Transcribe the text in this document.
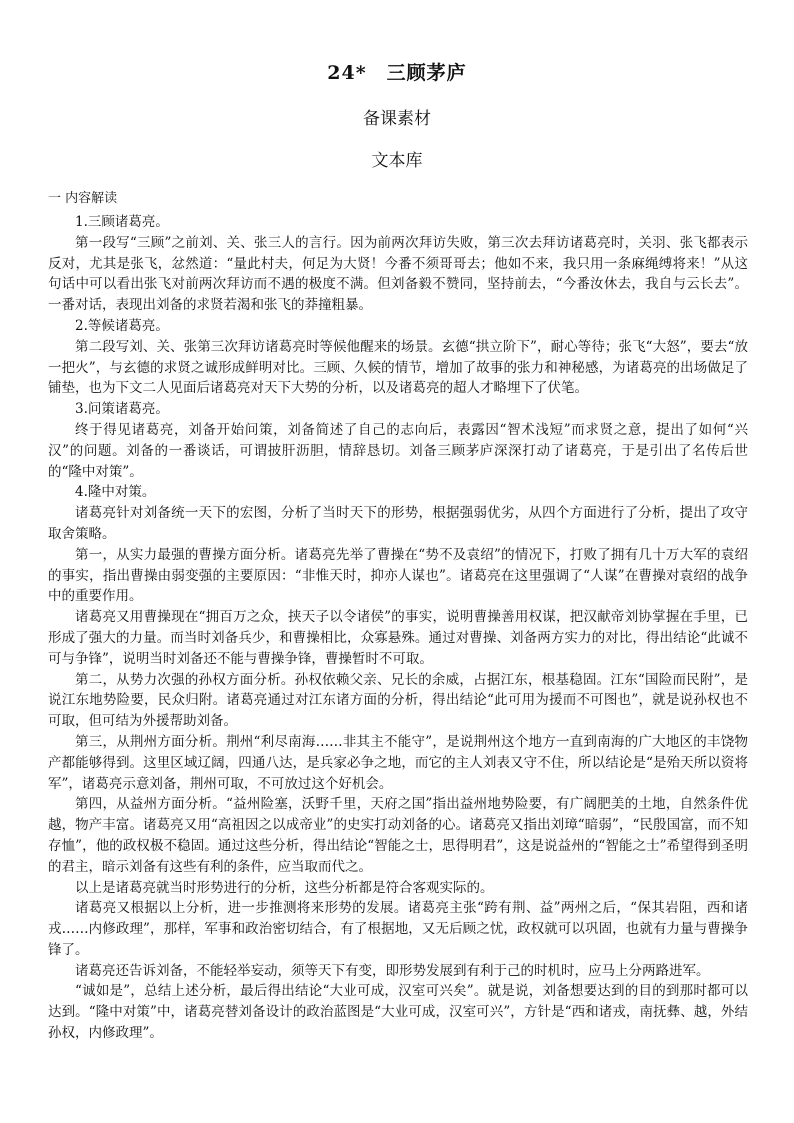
24*　三顾茅庐
备课素材
文本库
一 内容解读

1.三顾诸葛亮。

第一段写“三顾”之前刘、关、张三人的言行。因为前两次拜访失败，第三次去拜访诸葛亮时，关羽、张飞都表示反对，尤其是张飞，忿然道：“量此村夫，何足为大贤！今番不须哥哥去；他如不来，我只用一条麻绳缚将来！”从这句话中可以看出张飞对前两次拜访而不遇的极度不满。但刘备毅不赞同，坚持前去，“今番汝休去，我自与云长去”。一番对话，表现出刘备的求贤若渴和张飞的莽撞粗暴。

2.等候诸葛亮。

第二段写刘、关、张第三次拜访诸葛亮时等候他醒来的场景。玄德“拱立阶下”，耐心等待；张飞“大怒”，要去“放一把火”，与玄德的求贤之诚形成鲜明对比。三顾、久候的情节，增加了故事的张力和神秘感，为诸葛亮的出场做足了铺垫，也为下文二人见面后诸葛亮对天下大势的分析，以及诸葛亮的超人才略埋下了伏笔。

3.问策诸葛亮。

终于得见诸葛亮，刘备开始问策，刘备简述了自己的志向后，表露因“智术浅短”而求贤之意，提出了如何“兴汉”的问题。刘备的一番谈话，可谓披肝沥胆，情辞恳切。刘备三顾茅庐深深打动了诸葛亮，于是引出了名传后世的“隆中对策”。

4.隆中对策。

诸葛亮针对刘备统一天下的宏图，分析了当时天下的形势，根据强弱优劣，从四个方面进行了分析，提出了攻守取舍策略。

第一，从实力最强的曹操方面分析。诸葛亮先举了曹操在“势不及袁绍”的情况下，打败了拥有几十万大军的袁绍的事实，指出曹操由弱变强的主要原因：“非惟天时，抑亦人谋也”。诸葛亮在这里强调了“人谋”在曹操对袁绍的战争中的重要作用。

诸葛亮又用曹操现在“拥百万之众，挟天子以令诸侯”的事实，说明曹操善用权谋，把汉献帝刘协掌握在手里，已形成了强大的力量。而当时刘备兵少，和曹操相比，众寡悬殊。通过对曹操、刘备两方实力的对比，得出结论“此诚不可与争锋”，说明当时刘备还不能与曹操争锋，曹操暂时不可取。

第二，从势力次强的孙权方面分析。孙权依赖父亲、兄长的余威，占据江东，根基稳固。江东“国险而民附”，是说江东地势险要，民众归附。诸葛亮通过对江东诸方面的分析，得出结论“此可用为援而不可图也”，就是说孙权也不可取，但可结为外援帮助刘备。

第三，从荆州方面分析。荆州“利尽南海……非其主不能守”，是说荆州这个地方一直到南海的广大地区的丰饶物产都能够得到。这里区域辽阔，四通八达，是兵家必争之地，而它的主人刘表又守不住，所以结论是“是殆天所以资将军”，诸葛亮示意刘备，荆州可取，不可放过这个好机会。

第四，从益州方面分析。“益州险塞，沃野千里，天府之国”指出益州地势险要，有广阔肥美的土地，自然条件优越，物产丰富。诸葛亮又用“高祖因之以成帝业”的史实打动刘备的心。诸葛亮又指出刘璋“暗弱”，“民殷国富，而不知存恤”，他的政权极不稳固。通过这些分析，得出结论“智能之士，思得明君”，这是说益州的“智能之士”希望得到圣明的君主，暗示刘备有这些有利的条件，应当取而代之。

以上是诸葛亮就当时形势进行的分析，这些分析都是符合客观实际的。

诸葛亮又根据以上分析，进一步推测将来形势的发展。诸葛亮主张“跨有荆、益”两州之后，“保其岩阻，西和诸戎……内修政理”，那样，军事和政治密切结合，有了根据地，又无后顾之忧，政权就可以巩固，也就有力量与曹操争锋了。

诸葛亮还告诉刘备，不能轻举妄动，须等天下有变，即形势发展到有利于己的时机时，应马上分两路进军。

“诚如是”，总结上述分析，最后得出结论“大业可成，汉室可兴矣”。就是说，刘备想要达到的目的到那时都可以达到。“隆中对策”中，诸葛亮替刘备设计的政治蓝图是“大业可成，汉室可兴”，方针是“西和诸戎，南抚彝、越，外结孙权，内修政理”。
